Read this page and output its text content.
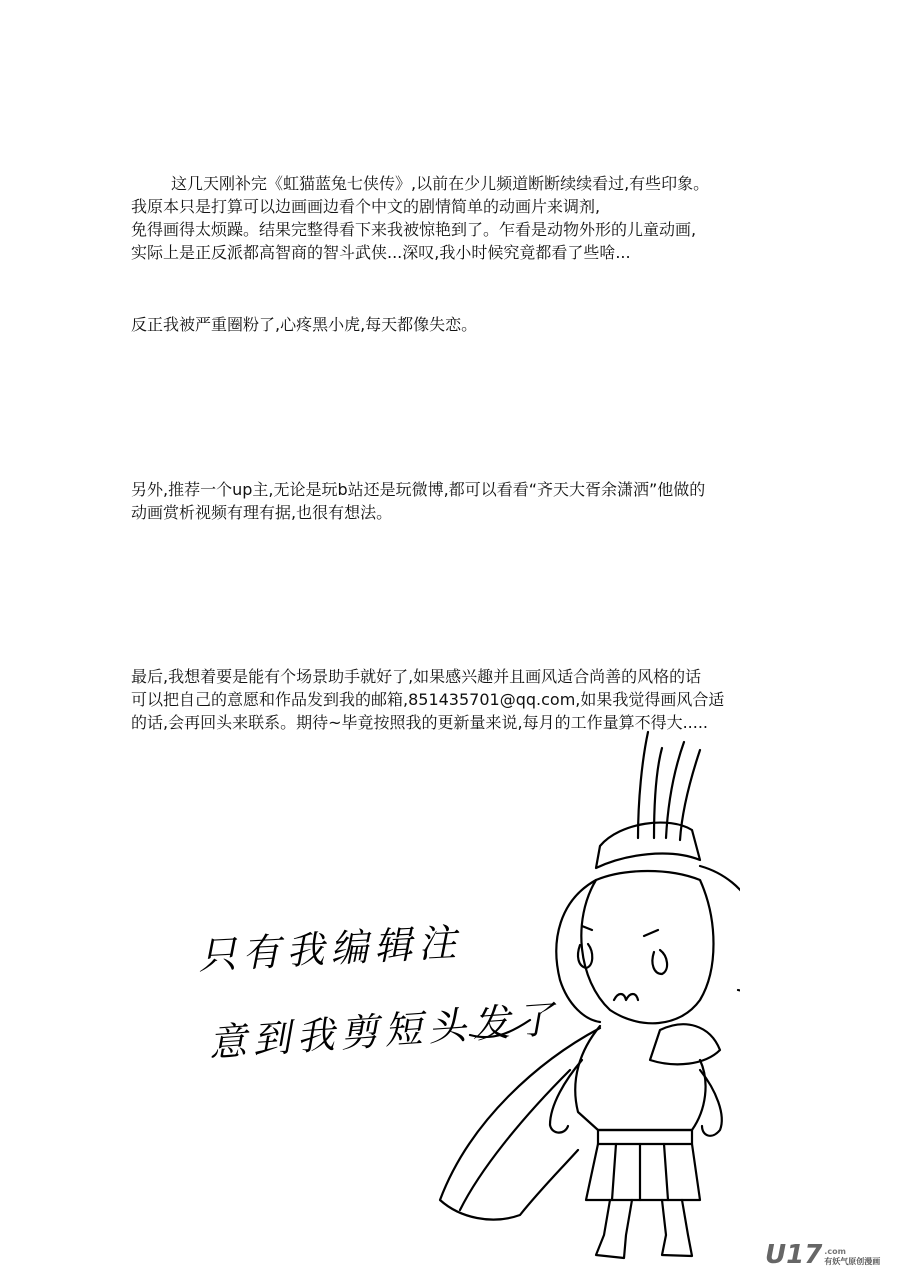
这几天刚补完《虹猫蓝兔七侠传》,以前在少儿频道断断续续看过,有些印象。

我原本只是打算可以边画画边看个中文的剧情简单的动画片来调剂,

免得画得太烦躁。结果完整得看下来我被惊艳到了。乍看是动物外形的儿童动画,

实际上是正反派都高智商的智斗武侠...深叹,我小时候究竟都看了些啥...

反正我被严重圈粉了,心疼黑小虎,每天都像失恋。

另外,推荐一个up主,无论是玩b站还是玩微博,都可以看看“齐天大胥余潇洒”他做的

动画赏析视频有理有据,也很有想法。

最后,我想着要是能有个场景助手就好了,如果感兴趣并且画风适合尚善的风格的话

可以把自己的意愿和作品发到我的邮箱,851435701@qq.com,如果我觉得画风合适

的话,会再回头来联系。期待~毕竟按照我的更新量来说,每月的工作量算不得大.....

只有我编辑注
意到我剪短头发了
U17 .com
有妖气原创漫画
